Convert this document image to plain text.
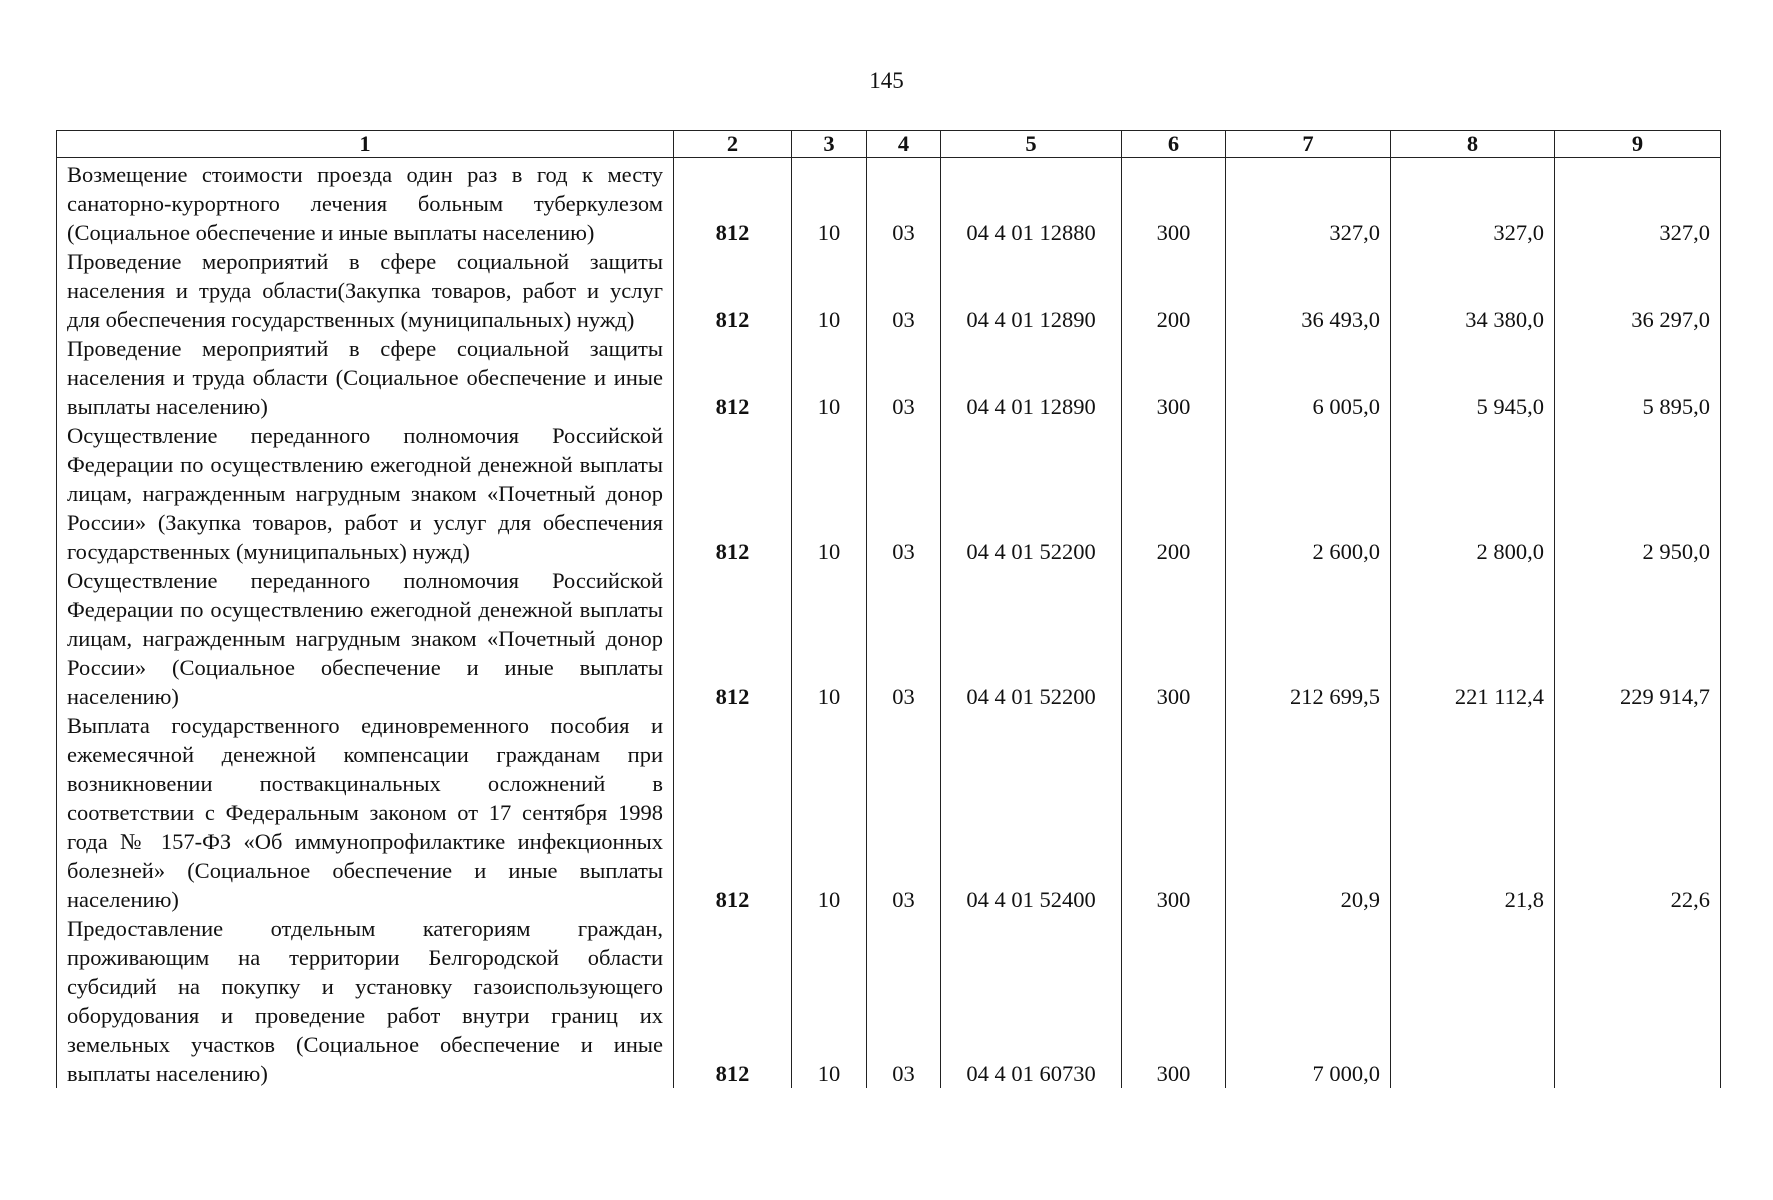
145
1	2	3	4	5	6	7	8	9
Возмещение стоимости проезда один раз в год к месту санаторно-курортного лечения больным туберкулезом (Социальное обеспечение и иные выплаты населению)	812	10	03	04 4 01 12880	300	327,0	327,0	327,0
Проведение мероприятий в сфере социальной защиты населения и труда области(Закупка товаров, работ и услуг для обеспечения государственных (муниципальных) нужд)	812	10	03	04 4 01 12890	200	36 493,0	34 380,0	36 297,0
Проведение мероприятий в сфере социальной защиты населения и труда области (Социальное обеспечение и иные выплаты населению)	812	10	03	04 4 01 12890	300	6 005,0	5 945,0	5 895,0
Осуществление переданного полномочия Российской Федерации по осуществлению ежегодной денежной выплаты лицам, награжденным нагрудным знаком «Почетный донор России» (Закупка товаров, работ и услуг для обеспечения государственных (муниципальных) нужд)	812	10	03	04 4 01 52200	200	2 600,0	2 800,0	2 950,0
Осуществление переданного полномочия Российской Федерации по осуществлению ежегодной денежной выплаты лицам, награжденным нагрудным знаком «Почетный донор России» (Социальное обеспечение и иные выплаты населению)	812	10	03	04 4 01 52200	300	212 699,5	221 112,4	229 914,7
Выплата государственного единовременного пособия и ежемесячной денежной компенсации гражданам при возникновении поствакцинальных осложнений в соответствии с Федеральным законом от 17 сентября 1998 года № 157-ФЗ «Об иммунопрофилактике инфекционных болезней» (Социальное обеспечение и иные выплаты населению)	812	10	03	04 4 01 52400	300	20,9	21,8	22,6
Предоставление отдельным категориям граждан, проживающим на территории Белгородской области субсидий на покупку и установку газоиспользующего оборудования и проведение работ внутри границ их земельных участков (Социальное обеспечение и иные выплаты населению)	812	10	03	04 4 01 60730	300	7 000,0		
